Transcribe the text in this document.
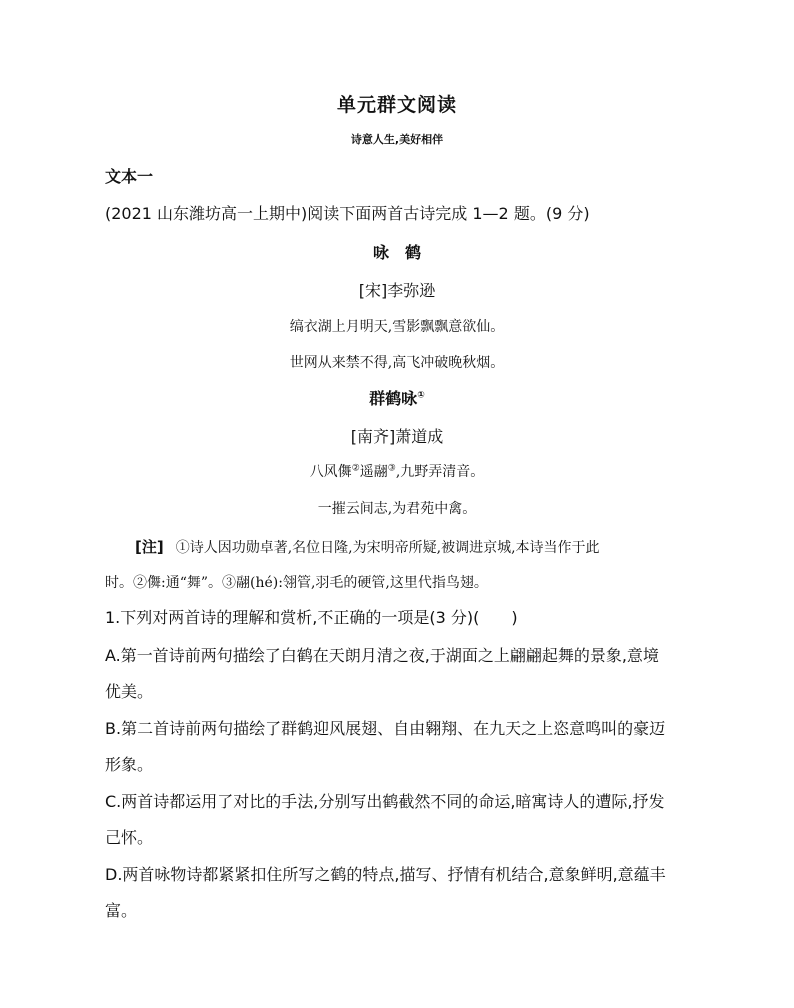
单元群文阅读
诗意人生,美好相伴
文本一
(2021 山东潍坊高一上期中)阅读下面两首古诗完成 1—2 题。(9 分)
咏　鹤
[宋]李弥逊
缟衣湖上月明天,雪影飘飘意欲仙。
世网从来禁不得,高飞冲破晚秋烟。
群鹤咏①
[南齐]萧道成
八风儛②遥翮③,九野弄清音。
一摧云间志,为君苑中禽。
[注] ①诗人因功勋卓著,名位日隆,为宋明帝所疑,被调进京城,本诗当作于此
时。②儛:通“舞”。③翮(hé):翎管,羽毛的硬管,这里代指鸟翅。
1.下列对两首诗的理解和赏析,不正确的一项是(3 分)(　　)
A.第一首诗前两句描绘了白鹤在天朗月清之夜,于湖面之上翩翩起舞的景象,意境
优美。
B.第二首诗前两句描绘了群鹤迎风展翅、自由翱翔、在九天之上恣意鸣叫的豪迈
形象。
C.两首诗都运用了对比的手法,分别写出鹤截然不同的命运,暗寓诗人的遭际,抒发
己怀。
D.两首咏物诗都紧紧扣住所写之鹤的特点,描写、抒情有机结合,意象鲜明,意蕴丰
富。
